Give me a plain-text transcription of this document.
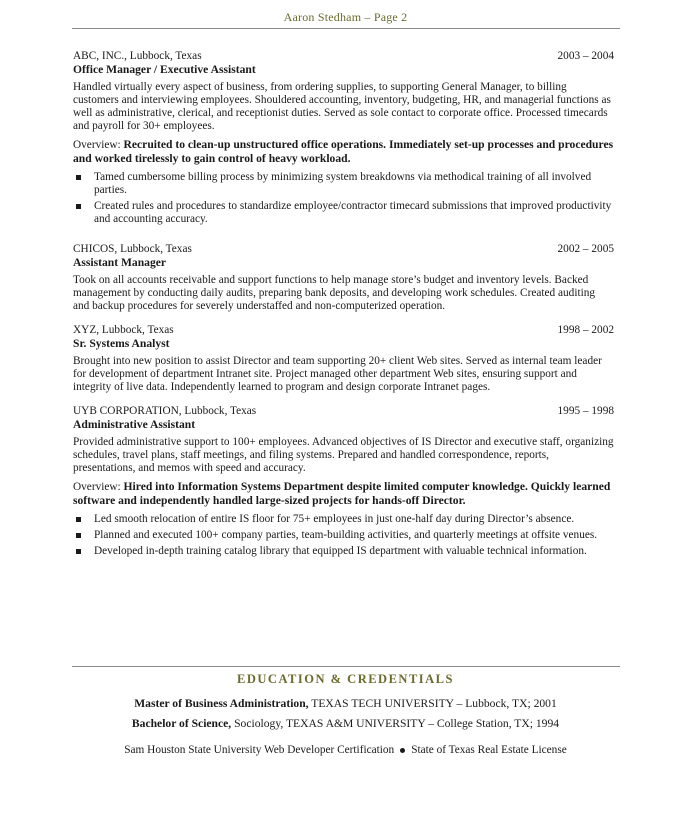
Aaron Stedham – Page 2
ABC, INC., Lubbock, Texas	2003 – 2004
Office Manager / Executive Assistant
Handled virtually every aspect of business, from ordering supplies, to supporting General Manager, to billing customers and interviewing employees. Shouldered accounting, inventory, budgeting, HR, and managerial functions as well as administrative, clerical, and receptionist duties. Served as sole contact to corporate office. Processed timecards and payroll for 30+ employees.
Overview: Recruited to clean-up unstructured office operations. Immediately set-up processes and procedures and worked tirelessly to gain control of heavy workload.
Tamed cumbersome billing process by minimizing system breakdowns via methodical training of all involved parties.
Created rules and procedures to standardize employee/contractor timecard submissions that improved productivity and accounting accuracy.
CHICOS, Lubbock, Texas	2002 – 2005
Assistant Manager
Took on all accounts receivable and support functions to help manage store’s budget and inventory levels. Backed management by conducting daily audits, preparing bank deposits, and developing work schedules. Created auditing and backup procedures for severely understaffed and non-computerized operation.
XYZ, Lubbock, Texas	1998 – 2002
Sr. Systems Analyst
Brought into new position to assist Director and team supporting 20+ client Web sites. Served as internal team leader for development of department Intranet site. Project managed other department Web sites, ensuring support and integrity of live data. Independently learned to program and design corporate Intranet pages.
UYB CORPORATION, Lubbock, Texas	1995 – 1998
Administrative Assistant
Provided administrative support to 100+ employees. Advanced objectives of IS Director and executive staff, organizing schedules, travel plans, staff meetings, and filing systems. Prepared and handled correspondence, reports, presentations, and memos with speed and accuracy.
Overview: Hired into Information Systems Department despite limited computer knowledge. Quickly learned software and independently handled large-sized projects for hands-off Director.
Led smooth relocation of entire IS floor for 75+ employees in just one-half day during Director’s absence.
Planned and executed 100+ company parties, team-building activities, and quarterly meetings at offsite venues.
Developed in-depth training catalog library that equipped IS department with valuable technical information.
EDUCATION & CREDENTIALS
Master of Business Administration, TEXAS TECH UNIVERSITY – Lubbock, TX; 2001
Bachelor of Science, Sociology, TEXAS A&M UNIVERSITY – College Station, TX; 1994
Sam Houston State University Web Developer Certification State of Texas Real Estate License
